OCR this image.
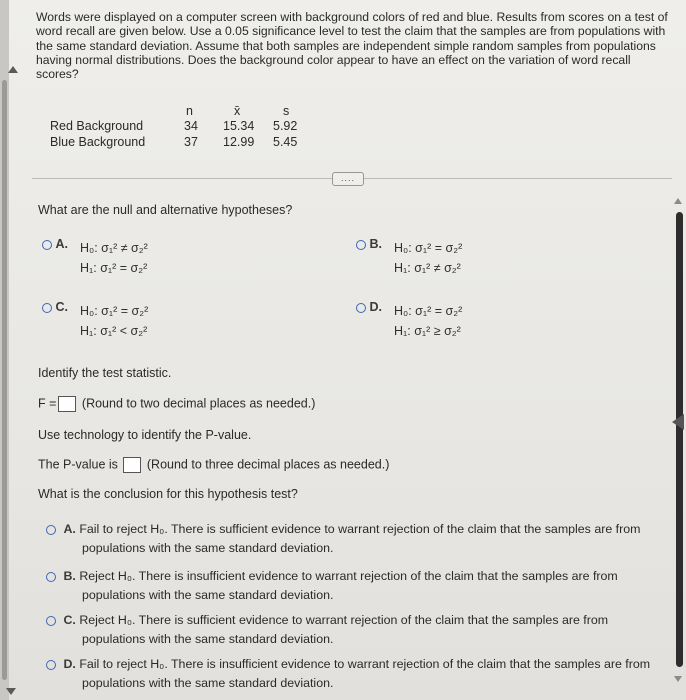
Words were displayed on a computer screen with background colors of red and blue. Results from scores on a test of word recall are given below. Use a 0.05 significance level to test the claim that the samples are from populations with the same standard deviation. Assume that both samples are independent simple random samples from populations having normal distributions. Does the background color appear to have an effect on the variation of word recall scores?
n	x̄	s
Red Background	34 15.34 5.92
Blue Background	37 12.99 5.45
....
What are the null and alternative hypotheses?
A. H₀: σ₁² ≠ σ₂²
H₁: σ₁² = σ₂²
B. H₀: σ₁² = σ₂²
H₁: σ₁² ≠ σ₂²
C. H₀: σ₁² = σ₂²
H₁: σ₁² < σ₂²
D. H₀: σ₁² = σ₂²
H₁: σ₁² ≥ σ₂²
Identify the test statistic.
F = (Round to two decimal places as needed.)
Use technology to identify the P-value.
The P-value is (Round to three decimal places as needed.)
What is the conclusion for this hypothesis test?
A. Fail to reject H₀. There is sufficient evidence to warrant rejection of the claim that the samples are from
populations with the same standard deviation.
B. Reject H₀. There is insufficient evidence to warrant rejection of the claim that the samples are from
populations with the same standard deviation.
C. Reject H₀. There is sufficient evidence to warrant rejection of the claim that the samples are from
populations with the same standard deviation.
D. Fail to reject H₀. There is insufficient evidence to warrant rejection of the claim that the samples are from
populations with the same standard deviation.
